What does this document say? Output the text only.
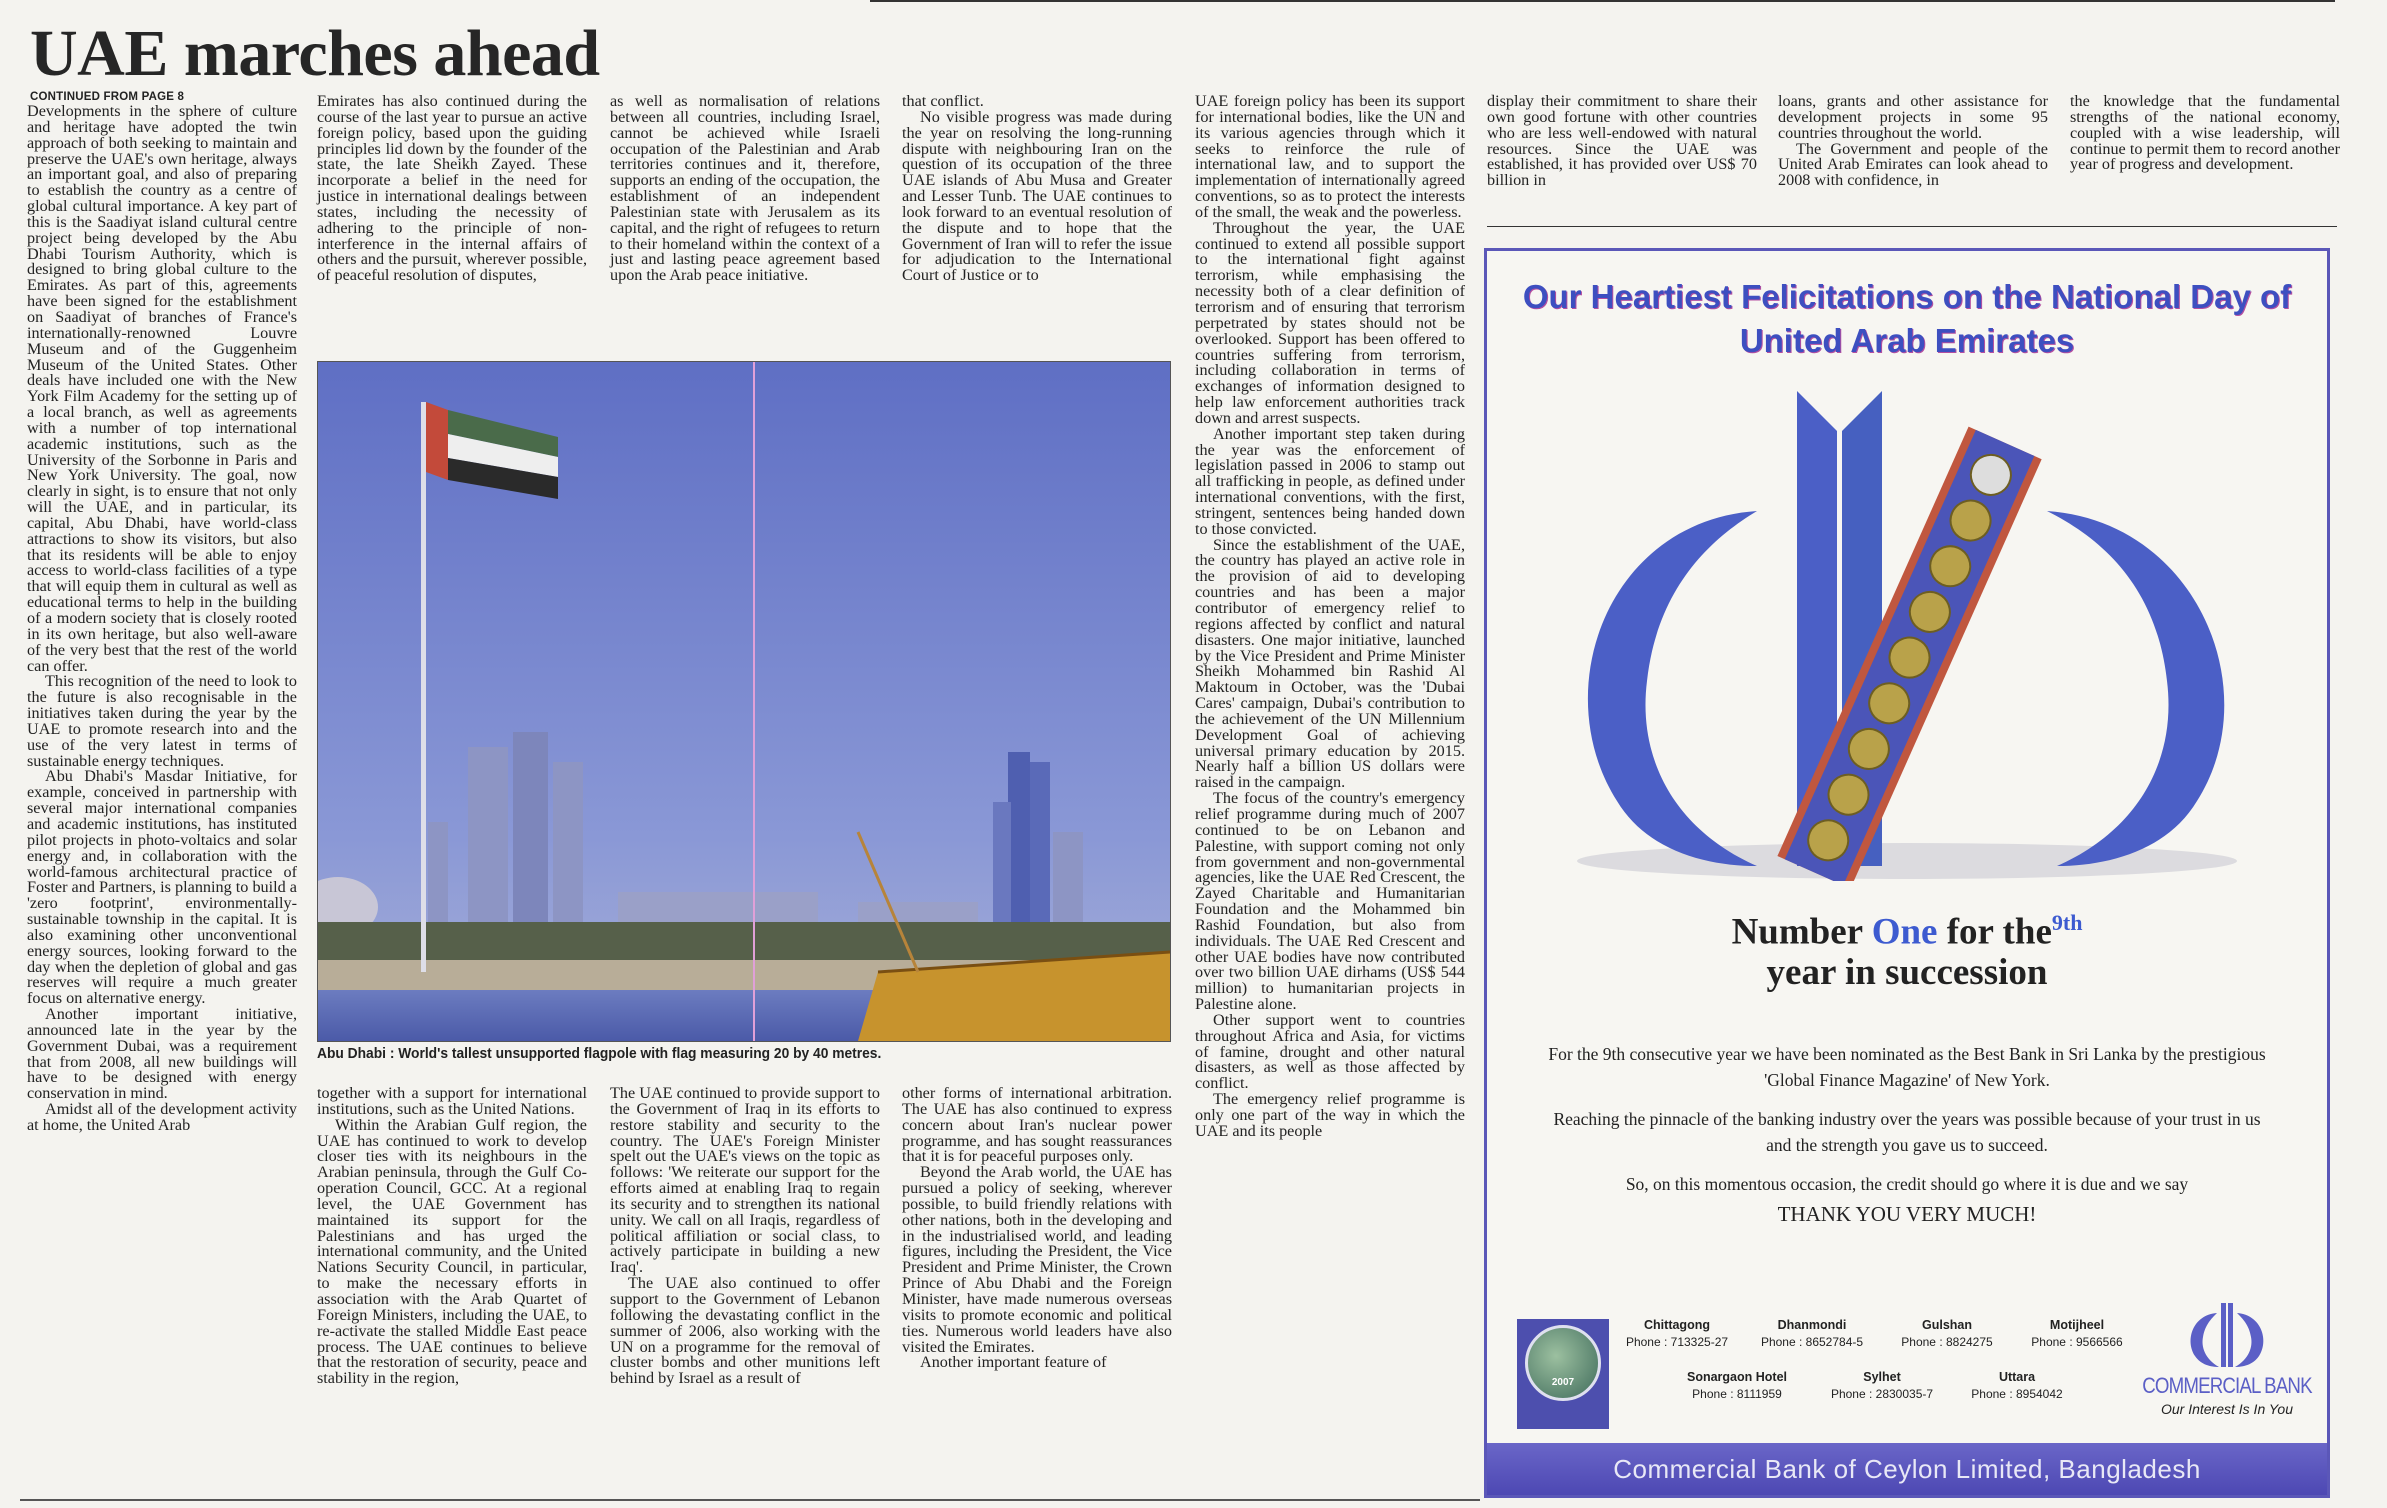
UAE marches ahead
CONTINUED FROM PAGE 8

Developments in the sphere of culture and heritage have adopted the twin approach of both seeking to maintain and preserve the UAE's own heritage, always an important goal, and also of preparing to establish the country as a centre of global cultural importance. A key part of this is the Saadiyat island cultural centre project being developed by the Abu Dhabi Tourism Authority, which is designed to bring global culture to the Emirates. As part of this, agreements have been signed for the establishment on Saadiyat of branches of France's internationally-renowned Louvre Museum and of the Guggenheim Museum of the United States. Other deals have included one with the New York Film Academy for the setting up of a local branch, as well as agreements with a number of top international academic institutions, such as the University of the Sorbonne in Paris and New York University. The goal, now clearly in sight, is to ensure that not only will the UAE, and in particular, its capital, Abu Dhabi, have world-class attractions to show its visitors, but also that its residents will be able to enjoy access to world-class facilities of a type that will equip them in cultural as well as educational terms to help in the building of a modern society that is closely rooted in its own heritage, but also well-aware of the very best that the rest of the world can offer.

This recognition of the need to look to the future is also recognisable in the initiatives taken during the year by the UAE to promote research into and the use of the very latest in terms of sustainable energy techniques.

Abu Dhabi's Masdar Initiative, for example, conceived in partnership with several major international companies and academic institutions, has instituted pilot projects in photo-voltaics and solar energy and, in collaboration with the world-famous architectural practice of Foster and Partners, is planning to build a 'zero footprint', environmentally-sustainable township in the capital. It is also examining other unconventional energy sources, looking forward to the day when the depletion of global and gas reserves will require a much greater focus on alternative energy.

Another important initiative, announced late in the year by the Government Dubai, was a requirement that from 2008, all new buildings will have to be designed with energy conservation in mind.

Amidst all of the development activity at home, the United Arab

Emirates has also continued during the course of the last year to pursue an active foreign policy, based upon the guiding principles lid down by the founder of the state, the late Sheikh Zayed. These incorporate a belief in the need for justice in international dealings between states, including the necessity of adhering to the principle of non-interference in the internal affairs of others and the pursuit, wherever possible, of peaceful resolution of disputes,

as well as normalisation of relations between all countries, including Israel, cannot be achieved while Israeli occupation of the Palestinian and Arab territories continues and it, therefore, supports an ending of the occupation, the establishment of an independent Palestinian state with Jerusalem as its capital, and the right of refugees to return to their homeland within the context of a just and lasting peace agreement based upon the Arab peace initiative.

that conflict.

No visible progress was made during the year on resolving the long-running dispute with neighbouring Iran on the question of its occupation of the three UAE islands of Abu Musa and Greater and Lesser Tunb. The UAE continues to look forward to an eventual resolution of the dispute and to hope that the Government of Iran will to refer the issue for adjudication to the International Court of Justice or to

UAE foreign policy has been its support for international bodies, like the UN and its various agencies through which it seeks to reinforce the rule of international law, and to support the implementation of internationally agreed conventions, so as to protect the interests of the small, the weak and the powerless.

Throughout the year, the UAE continued to extend all possible support to the international fight against terrorism, while emphasising the necessity both of a clear definition of terrorism and of ensuring that terrorism perpetrated by states should not be overlooked. Support has been offered to countries suffering from terrorism, including collaboration in terms of exchanges of information designed to help law enforcement authorities track down and arrest suspects.

Another important step taken during the year was the enforcement of legislation passed in 2006 to stamp out all trafficking in people, as defined under international conventions, with the first, stringent, sentences being handed down to those convicted.

Since the establishment of the UAE, the country has played an active role in the provision of aid to developing countries and has been a major contributor of emergency relief to regions affected by conflict and natural disasters. One major initiative, launched by the Vice President and Prime Minister Sheikh Mohammed bin Rashid Al Maktoum in October, was the 'Dubai Cares' campaign, Dubai's contribution to the achievement of the UN Millennium Development Goal of achieving universal primary education by 2015. Nearly half a billion US dollars were raised in the campaign.

The focus of the country's emergency relief programme during much of 2007 continued to be on Lebanon and Palestine, with support coming not only from government and non-governmental agencies, like the UAE Red Crescent, the Zayed Charitable and Humanitarian Foundation and the Mohammed bin Rashid Foundation, but also from individuals. The UAE Red Crescent and other UAE bodies have now contributed over two billion UAE dirhams (US$ 544 million) to humanitarian projects in Palestine alone.

Other support went to countries throughout Africa and Asia, for victims of famine, drought and other natural disasters, as well as those affected by conflict.

The emergency relief programme is only one part of the way in which the UAE and its people

display their commitment to share their own good fortune with other countries who are less well-endowed with natural resources. Since the UAE was established, it has provided over US$ 70 billion in

loans, grants and other assistance for development projects in some 95 countries throughout the world.

The Government and people of the United Arab Emirates can look ahead to 2008 with confidence, in

the knowledge that the fundamental strengths of the national economy, coupled with a wise leadership, will continue to permit them to record another year of progress and development.

together with a support for international institutions, such as the United Nations.

Within the Arabian Gulf region, the UAE has continued to work to develop closer ties with its neighbours in the Arabian peninsula, through the Gulf Co-operation Council, GCC. At a regional level, the UAE Government has maintained its support for the Palestinians and has urged the international community, and the United Nations Security Council, in particular, to make the necessary efforts in association with the Arab Quartet of Foreign Ministers, including the UAE, to re-activate the stalled Middle East peace process. The UAE continues to believe that the restoration of security, peace and stability in the region,

The UAE continued to provide support to the Government of Iraq in its efforts to restore stability and security to the country. The UAE's Foreign Minister spelt out the UAE's views on the topic as follows: 'We reiterate our support for the efforts aimed at enabling Iraq to regain its security and to strengthen its national unity. We call on all Iraqis, regardless of political affiliation or social class, to actively participate in building a new Iraq'.

The UAE also continued to offer support to the Government of Lebanon following the devastating conflict in the summer of 2006, also working with the UN on a programme for the removal of cluster bombs and other munitions left behind by Israel as a result of

other forms of international arbitration. The UAE has also continued to express concern about Iran's nuclear power programme, and has sought reassurances that it is for peaceful purposes only.

Beyond the Arab world, the UAE has pursued a policy of seeking, wherever possible, to build friendly relations with other nations, both in the developing and in the industrialised world, and leading figures, including the President, the Vice President and Prime Minister, the Crown Prince of Abu Dhabi and the Foreign Minister, have made numerous overseas visits to promote economic and political ties. Numerous world leaders have also visited the Emirates.

Another important feature of

Abu Dhabi : World's tallest unsupported flagpole with flag measuring 20 by 40 metres.
Our Heartiest Felicitations on the National Day of
United Arab Emirates
Number One for the$^{9th}$
year in succession
For the 9th consecutive year we have been nominated as the Best Bank in Sri Lanka by the prestigious 'Global Finance Magazine' of New York.
Reaching the pinnacle of the banking industry over the years was possible because of your trust in us and the strength you gave us to succeed.
So, on this momentous occasion, the credit should go where it is due and we say
THANK YOU VERY MUCH!
2007
Chittagong
Phone : 713325-27
Dhanmondi
Phone : 8652784-5
Gulshan
Phone : 8824275
Motijheel
Phone : 9566566
Sonargaon Hotel
Phone : 8111959
Sylhet
Phone : 2830035-7
Uttara
Phone : 8954042	COMMERCIAL BANK
Our Interest Is In You
Commercial Bank of Ceylon Limited, Bangladesh
